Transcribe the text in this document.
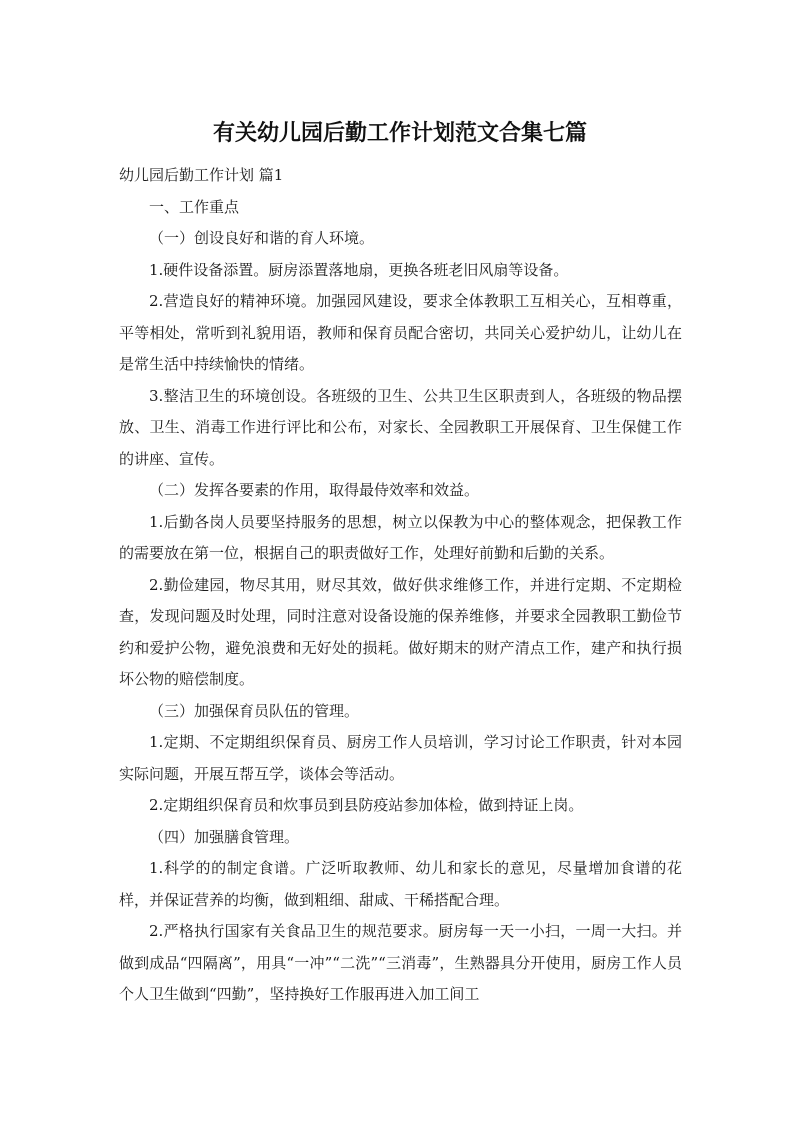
有关幼儿园后勤工作计划范文合集七篇

幼儿园后勤工作计划 篇1

一、工作重点

（一）创设良好和谐的育人环境。

1.硬件设备添置。厨房添置落地扇，更换各班老旧风扇等设备。

2.营造良好的精神环境。加强园风建设，要求全体教职工互相关心，互相尊重，平等相处，常听到礼貌用语，教师和保育员配合密切，共同关心爱护幼儿，让幼儿在是常生活中持续愉快的情绪。

3.整洁卫生的环境创设。各班级的卫生、公共卫生区职责到人，各班级的物品摆放、卫生、消毒工作进行评比和公布，对家长、全园教职工开展保育、卫生保健工作的讲座、宣传。

（二）发挥各要素的作用，取得最侍效率和效益。

1.后勤各岗人员要坚持服务的思想，树立以保教为中心的整体观念，把保教工作的需要放在第一位，根据自己的职责做好工作，处理好前勤和后勤的关系。

2.勤俭建园，物尽其用，财尽其效，做好供求维修工作，并进行定期、不定期检查，发现问题及时处理，同时注意对设备设施的保养维修，并要求全园教职工勤俭节约和爱护公物，避免浪费和无好处的损耗。做好期末的财产清点工作，建产和执行损坏公物的赔偿制度。

（三）加强保育员队伍的管理。

1.定期、不定期组织保育员、厨房工作人员培训，学习讨论工作职责，针对本园实际问题，开展互帮互学，谈体会等活动。

2.定期组织保育员和炊事员到县防疫站参加体检，做到持证上岗。

（四）加强膳食管理。

1.科学的的制定食谱。广泛听取教师、幼儿和家长的意见，尽量增加食谱的花样，并保证营养的均衡，做到粗细、甜咸、干稀搭配合理。

2.严格执行国家有关食品卫生的规范要求。厨房每一天一小扫，一周一大扫。并做到成品“四隔离”，用具“一冲”“二洗”“三消毒”，生熟器具分开使用，厨房工作人员个人卫生做到“四勤”，坚持换好工作服再进入加工间工
